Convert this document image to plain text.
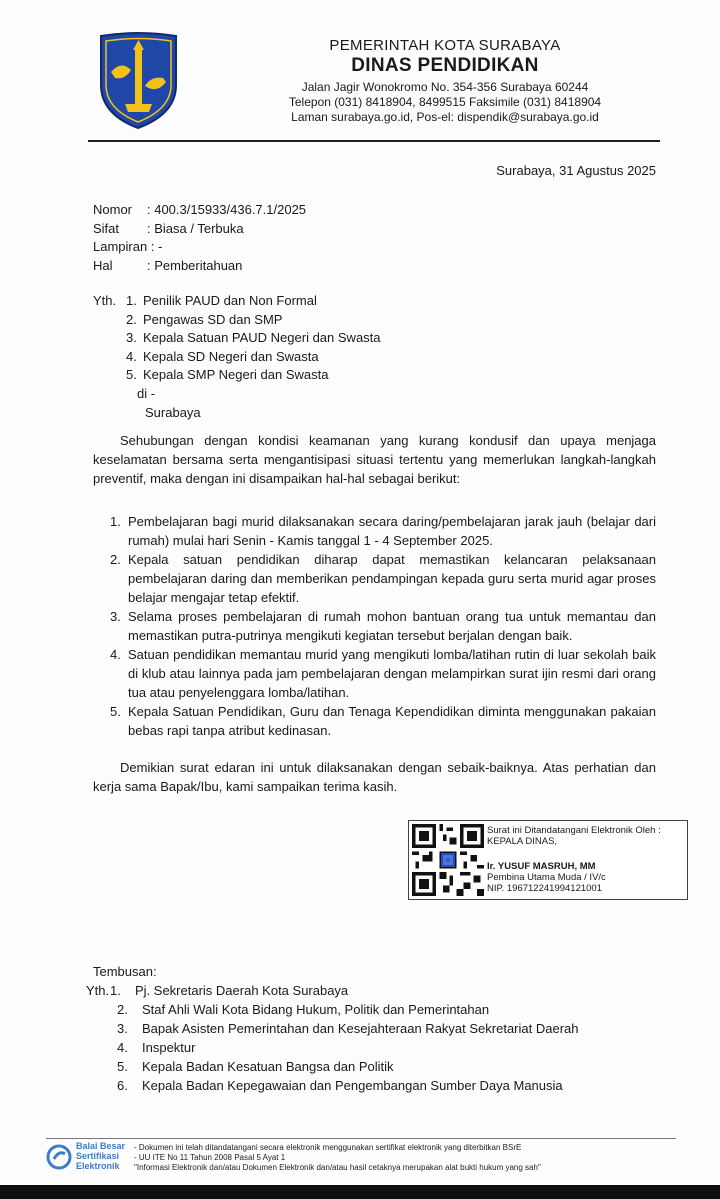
PEMERINTAH KOTA SURABAYA
DINAS PENDIDIKAN
Jalan Jagir Wonokromo No. 354-356 Surabaya 60244
Telepon (031) 8418904, 8499515 Faksimile (031) 8418904
Laman surabaya.go.id, Pos-el: dispendik@surabaya.go.id
Surabaya, 31 Agustus 2025
Nomor	: 400.3/15933/436.7.1/2025
Sifat	: Biasa / Terbuka
Lampiran : -
Hal	: Pemberitahuan
Yth. 1. Penilik PAUD dan Non Formal
2. Pengawas SD dan SMP
3. Kepala Satuan PAUD Negeri dan Swasta
4. Kepala SD Negeri dan Swasta
5. Kepala SMP Negeri dan Swasta
di -
Surabaya

Sehubungan dengan kondisi keamanan yang kurang kondusif dan upaya menjaga keselamatan bersama serta mengantisipasi situasi tertentu yang memerlukan langkah-langkah preventif, maka dengan ini disampaikan hal-hal sebagai berikut:

1. Pembelajaran bagi murid dilaksanakan secara daring/pembelajaran jarak jauh (belajar dari rumah) mulai hari Senin - Kamis tanggal 1 - 4 September 2025.
2. Kepala satuan pendidikan diharap dapat memastikan kelancaran pelaksanaan pembelajaran daring dan memberikan pendampingan kepada guru serta murid agar proses belajar mengajar tetap efektif.
3. Selama proses pembelajaran di rumah mohon bantuan orang tua untuk memantau dan memastikan putra-putrinya mengikuti kegiatan tersebut berjalan dengan baik.
4. Satuan pendidikan memantau murid yang mengikuti lomba/latihan rutin di luar sekolah baik di klub atau lainnya pada jam pembelajaran dengan melampirkan surat ijin resmi dari orang tua atau penyelenggara lomba/latihan.
5. Kepala Satuan Pendidikan, Guru dan Tenaga Kependidikan diminta menggunakan pakaian bebas rapi tanpa atribut kedinasan.

Demikian surat edaran ini untuk dilaksanakan dengan sebaik-baiknya. Atas perhatian dan kerja sama Bapak/Ibu, kami sampaikan terima kasih.

Surat ini Ditandatangani Elektronik Oleh :
KEPALA DINAS,
Ir. YUSUF MASRUH, MM
Pembina Utama Muda / IV/c
NIP. 196712241994121001
Tembusan:
Yth. 1.	Pj. Sekretaris Daerah Kota Surabaya
2.	Staf Ahli Wali Kota Bidang Hukum, Politik dan Pemerintahan
3.	Bapak Asisten Pemerintahan dan Kesejahteraan Rakyat Sekretariat Daerah
4.	Inspektur
5.	Kepala Badan Kesatuan Bangsa dan Politik
6.	Kepala Badan Kepegawaian dan Pengembangan Sumber Daya Manusia
Balai Besar
Sertifikasi
Elektronik
- Dokumen ini telah ditandatangani secara elektronik menggunakan sertifikat elektronik yang diterbitkan BSrE
- UU ITE No 11 Tahun 2008 Pasal 5 Ayat 1
"Informasi Elektronik dan/atau Dokumen Elektronik dan/atau hasil cetaknya merupakan alat bukti hukum yang sah"
